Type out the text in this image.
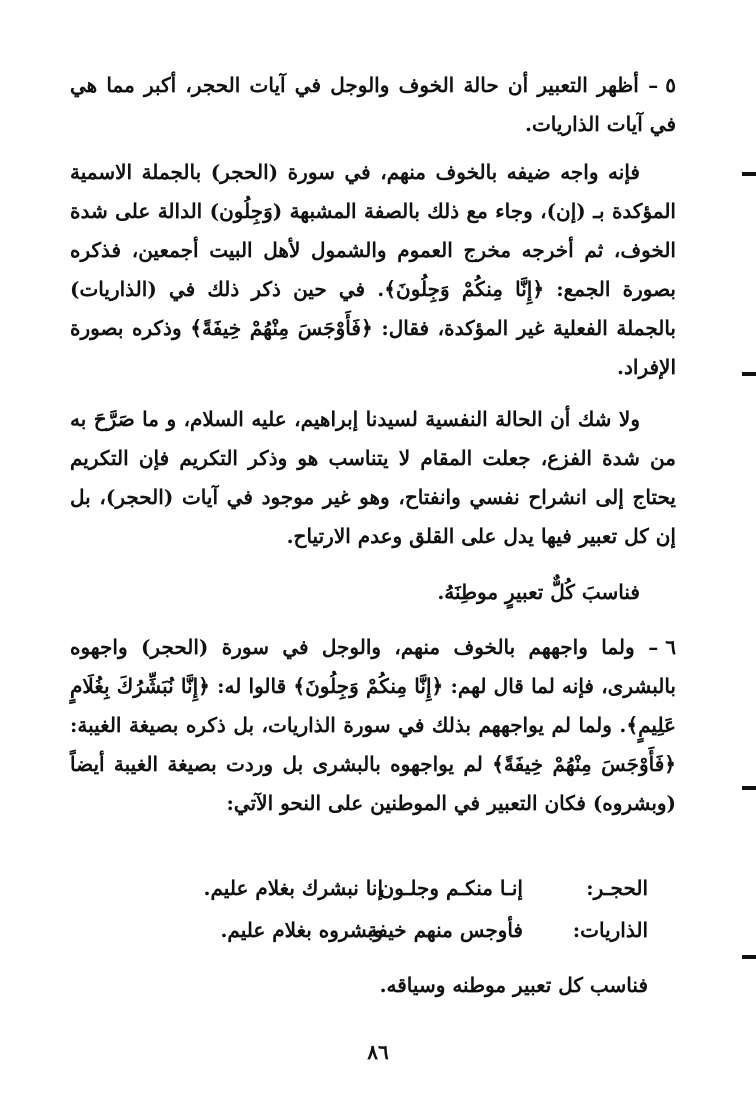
٥ – أظهر التعبير أن حالة الخوف والوجل في آيات الحجر، أكبر مما هي في آيات الذاريات.
فإنه واجه ضيفه بالخوف منهم، في سورة (الحجر) بالجملة الاسمية المؤكدة بـ (إن)، وجاء مع ذلك بالصفة المشبهة (وَجِلُون) الدالة على شدة الخوف، ثم أخرجه مخرج العموم والشمول لأهل البيت أجمعين، فذكره بصورة الجمع: ﴿إِنَّا مِنكُمْ وَجِلُونَ﴾. في حين ذكر ذلك في (الذاريات) بالجملة الفعلية غير المؤكدة، فقال: ﴿فَأَوْجَسَ مِنْهُمْ خِيفَةً﴾ وذكره بصورة الإفراد.
ولا شك أن الحالة النفسية لسيدنا إبراهيم، عليه السلام، و ما صَرَّحَ به من شدة الفزع، جعلت المقام لا يتناسب هو وذكر التكريم فإن التكريم يحتاج إلى انشراح نفسي وانفتاح، وهو غير موجود في آيات (الحجر)، بل إن كل تعبير فيها يدل على القلق وعدم الارتياح.
فناسبَ كُلٌّ تعبيرٍ موطِنَهُ.
٦ – ولما واجههم بالخوف منهم، والوجل في سورة (الحجر) واجهوه بالبشرى، فإنه لما قال لهم: ﴿إِنَّا مِنكُمْ وَجِلُونَ﴾ قالوا له: ﴿إِنَّا نُبَشِّرُكَ بِغُلَامٍ عَلِيمٍ﴾. ولما لم يواجههم بذلك في سورة الذاريات، بل ذكره بصيغة الغيبة: ﴿فَأَوْجَسَ مِنْهُمْ خِيفَةً﴾ لم يواجهوه بالبشرى بل وردت بصيغة الغيبة أيضاً (وبشروه) فكان التعبير في الموطنين على النحو الآتي:
الحجـر:
إنـا منكـم وجلـون
إنا نبشرك بغلام عليم.
الذاريات:
فأوجس منهم خيفة
وبشروه بغلام عليم.
فناسب كل تعبير موطنه وسياقه.
٨٦
